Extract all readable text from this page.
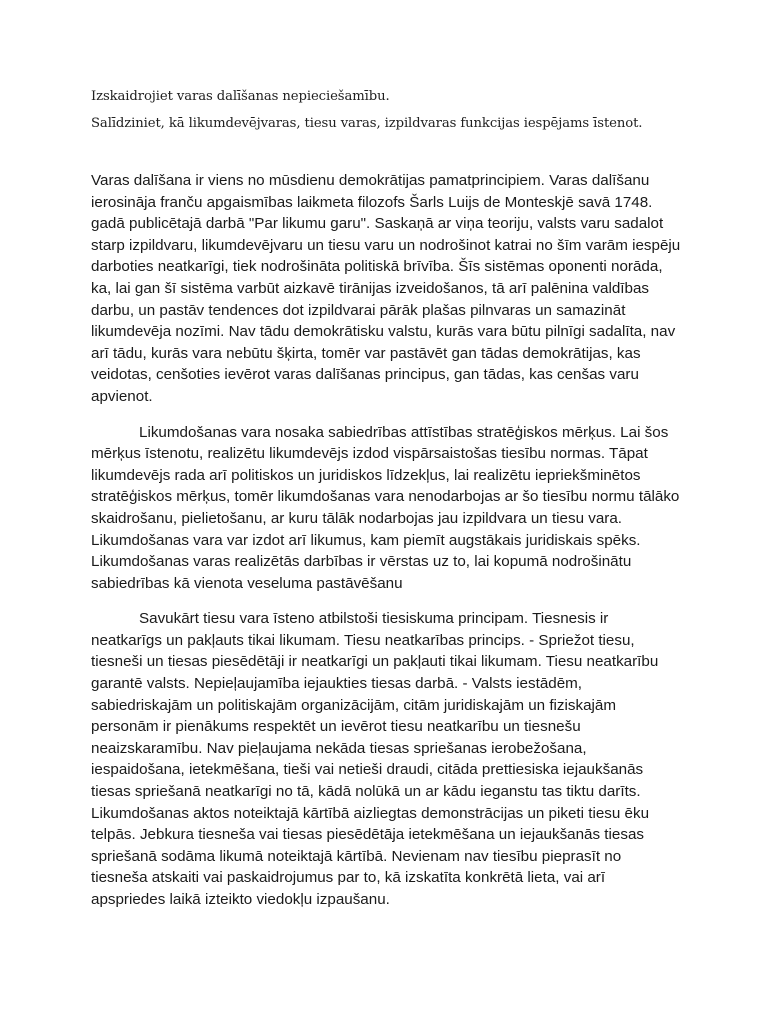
Izskaidrojiet varas dalīšanas nepieciešamību.
Salīdziniet, kā likumdevējvaras, tiesu varas, izpildvaras funkcijas iespējams īstenot.

Varas dalīšana ir viens no mūsdienu demokrātijas pamatprincipiem. Varas dalīšanu ierosināja franču apgaismības laikmeta filozofs Šarls Luijs de Monteskjē savā 1748. gadā publicētajā darbā "Par likumu garu". Saskaņā ar viņa teoriju, valsts varu sadalot starp izpildvaru, likumdevējvaru un tiesu varu un nodrošinot katrai no šīm varām iespēju darboties neatkarīgi, tiek nodrošināta politiskā brīvība. Šīs sistēmas oponenti norāda, ka, lai gan šī sistēma varbūt aizkavē tirānijas izveidošanos, tā arī palēnina valdības darbu, un pastāv tendences dot izpildvarai pārāk plašas pilnvaras un samazināt likumdevēja nozīmi. Nav tādu demokrātisku valstu, kurās vara būtu pilnīgi sadalīta, nav arī tādu, kurās vara nebūtu šķirta, tomēr var pastāvēt gan tādas demokrātijas, kas veidotas, cenšoties ievērot varas dalīšanas principus, gan tādas, kas cenšas varu apvienot.

Likumdošanas vara nosaka sabiedrības attīstības stratēģiskos mērķus. Lai šos mērķus īstenotu, realizētu likumdevējs izdod vispārsaistošas tiesību normas. Tāpat likumdevējs rada arī politiskos un juridiskos līdzekļus, lai realizētu iepriekšminētos stratēģiskos mērķus, tomēr likumdošanas vara nenodarbojas ar šo tiesību normu tālāko skaidrošanu, pielietošanu, ar kuru tālāk nodarbojas jau izpildvara un tiesu vara. Likumdošanas vara var izdot arī likumus, kam piemīt augstākais juridiskais spēks. Likumdošanas varas realizētās darbības ir vērstas uz to, lai kopumā nodrošinātu sabiedrības kā vienota veseluma pastāvēšanu

Savukārt tiesu vara īsteno atbilstoši tiesiskuma principam. Tiesnesis ir neatkarīgs un pakļauts tikai likumam. Tiesu neatkarības princips. - Spriežot tiesu, tiesneši un tiesas piesēdētāji ir neatkarīgi un pakļauti tikai likumam. Tiesu neatkarību garantē valsts. Nepieļaujamība iejaukties tiesas darbā. - Valsts iestādēm, sabiedriskajām un politiskajām organizācijām, citām juridiskajām un fiziskajām personām ir pienākums respektēt un ievērot tiesu neatkarību un tiesnešu neaizskaramību. Nav pieļaujama nekāda tiesas spriešanas ierobežošana, iespaidošana, ietekmēšana, tieši vai netieši draudi, citāda prettiesiska iejaukšanās tiesas spriešanā neatkarīgi no tā, kādā nolūkā un ar kādu ieganstu tas tiktu darīts. Likumdošanas aktos noteiktajā kārtībā aizliegtas demonstrācijas un piketi tiesu ēku telpās. Jebkura tiesneša vai tiesas piesēdētāja ietekmēšana un iejaukšanās tiesas spriešanā sodāma likumā noteiktajā kārtībā. Nevienam nav tiesību pieprasīt no tiesneša atskaiti vai paskaidrojumus par to, kā izskatīta konkrētā lieta, vai arī apspriedes laikā izteikto viedokļu izpaušanu.
